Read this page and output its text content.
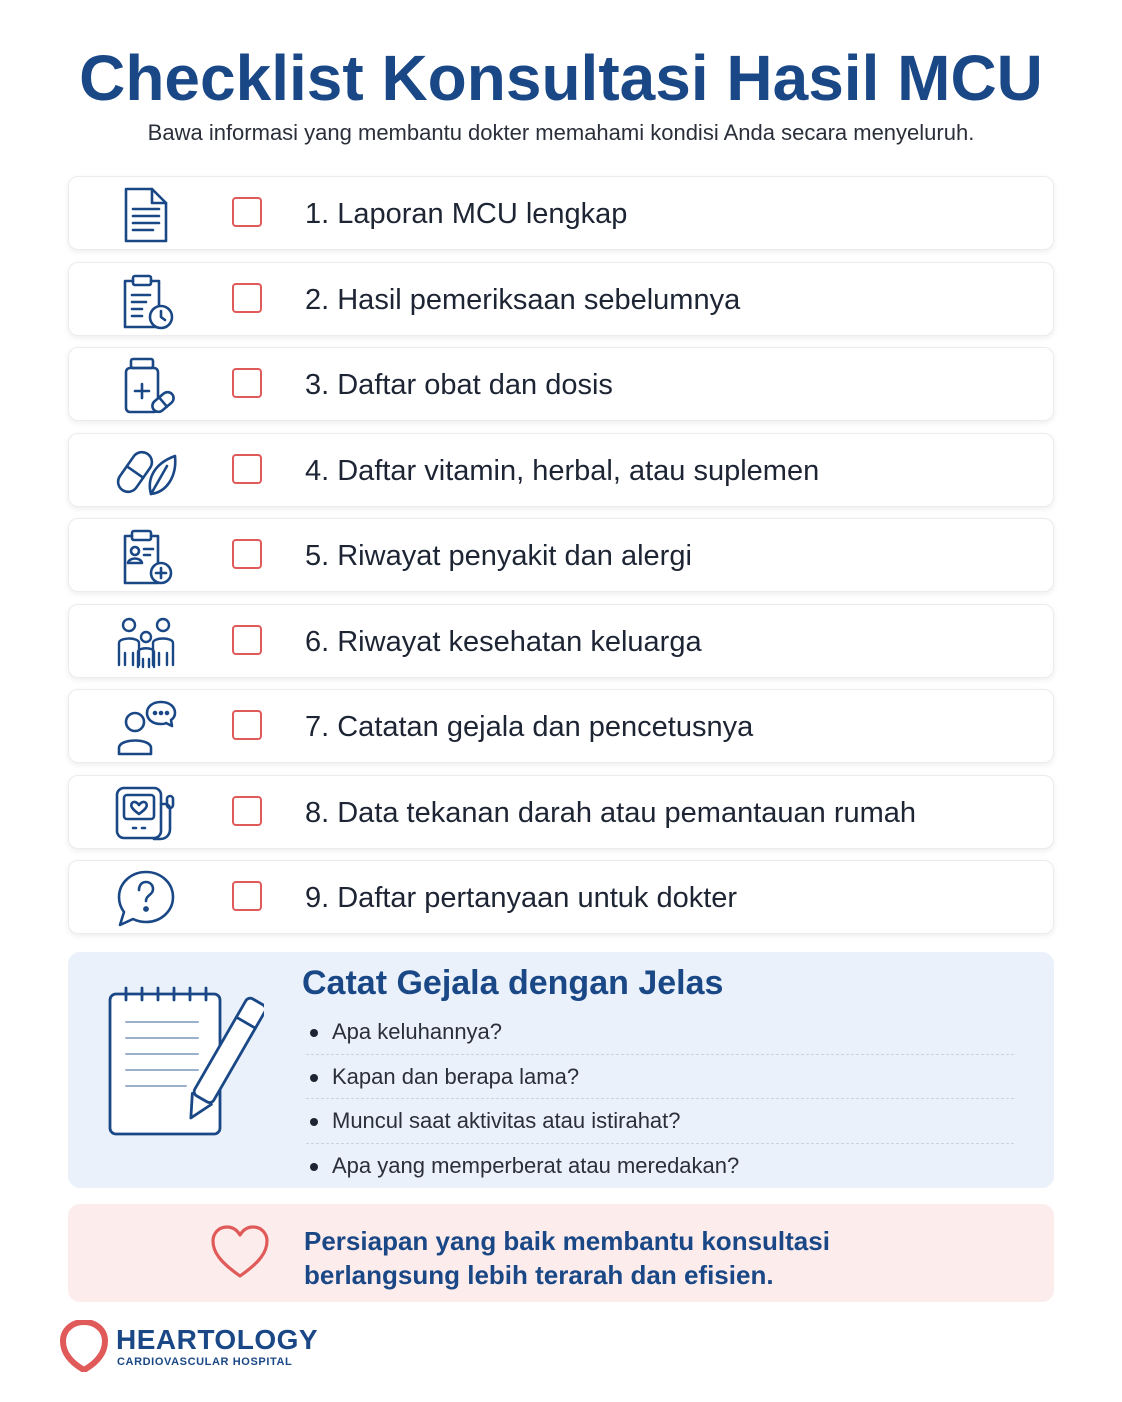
Checklist Konsultasi Hasil MCU

Bawa informasi yang membantu dokter memahami kondisi Anda secara menyeluruh.

1. Laporan MCU lengkap
2. Hasil pemeriksaan sebelumnya
3. Daftar obat dan dosis
4. Daftar vitamin, herbal, atau suplemen
5. Riwayat penyakit dan alergi
6. Riwayat kesehatan keluarga
7. Catatan gejala dan pencetusnya
8. Data tekanan darah atau pemantauan rumah
9. Daftar pertanyaan untuk dokter
Catat Gejala dengan Jelas
Apa keluhannya?
Kapan dan berapa lama?
Muncul saat aktivitas atau istirahat?
Apa yang memperberat atau meredakan?

Persiapan yang baik membantu konsultasi
berlangsung lebih terarah dan efisien.

HEARTOLOGY
CARDIOVASCULAR HOSPITAL
